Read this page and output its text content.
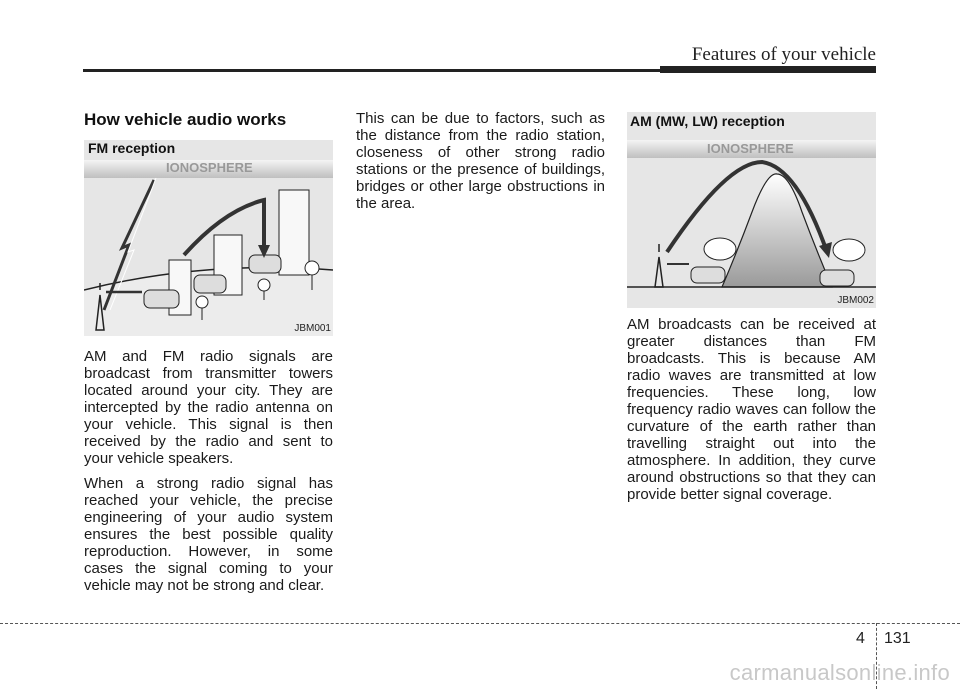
Features of your vehicle
How vehicle audio works
FM reception
IONOSPHERE
JBM001

AM and FM radio signals are broadcast from transmitter towers located around your city. They are intercepted by the radio antenna on your vehicle. This signal is then received by the radio and sent to your vehicle speakers.

When a strong radio signal has reached your vehicle, the precise engineering of your audio system ensures the best possible quality reproduction. However, in some cases the signal coming to your vehicle may not be strong and clear.

This can be due to factors, such as the distance from the radio station, closeness of other strong radio stations or the presence of buildings, bridges or other large obstructions in the area.

AM (MW, LW) reception
IONOSPHERE
JBM002

AM broadcasts can be received at greater distances than FM broadcasts. This is because AM radio waves are transmitted at low frequencies. These long, low frequency radio waves can follow the curvature of the earth rather than travelling straight out into the atmosphere. In addition, they curve around obstructions so that they can provide better signal coverage.

4 131
carmanualsonline.info
